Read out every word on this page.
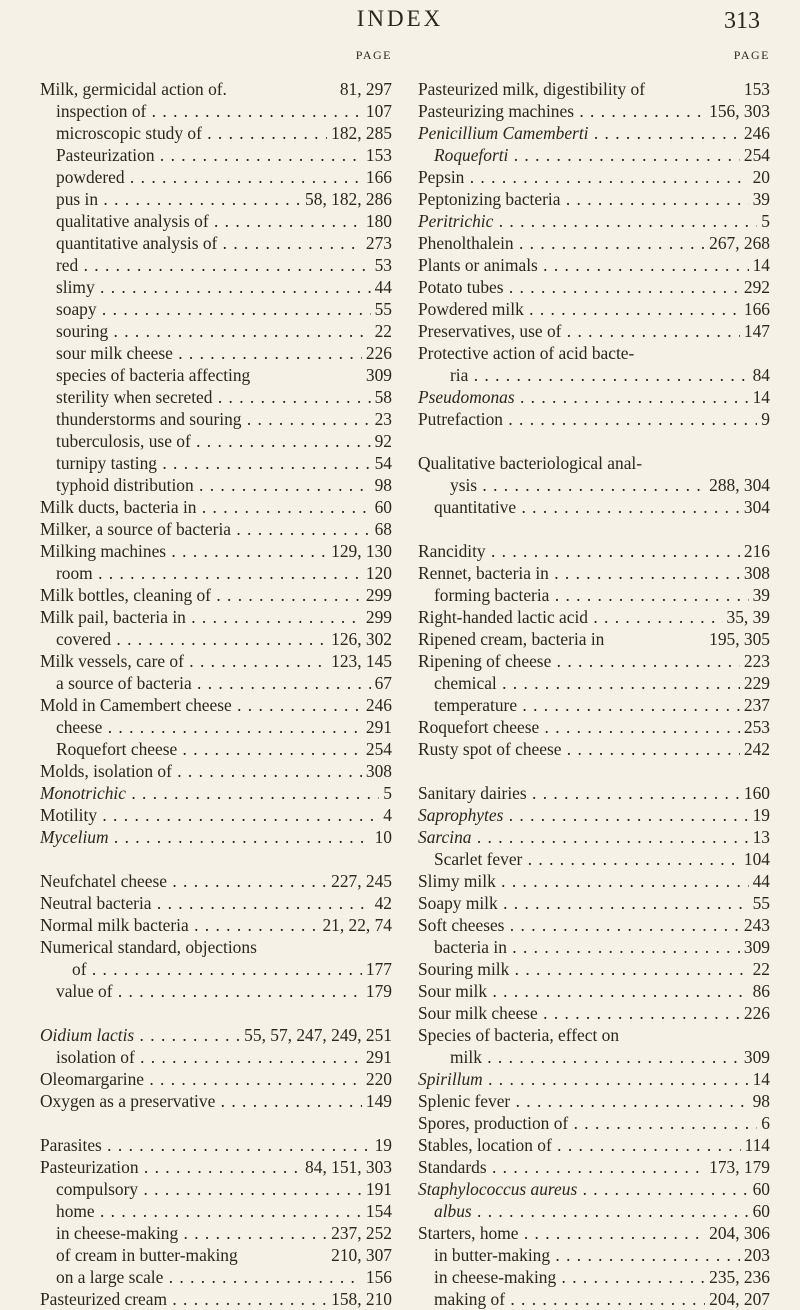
INDEX	313
PAGE
Milk, germicidal action of.	81, 297
inspection of . . .	107
microscopic study of . . .	182, 285
Pasteurization . . .	153
powdered . . .	166
pus in . . .	58, 182, 286
qualitative analysis of . . .	180
quantitative analysis of . . .	273
red . . .	53
slimy . . .	44
soapy . . .	55
souring . . .	22
sour milk cheese . . .	226
species of bacteria affecting	309
sterility when secreted . . .	58
thunderstorms and souring . . .	23
tuberculosis, use of . . .	92
turnipy tasting . . .	54
typhoid distribution . . .	98
Milk ducts, bacteria in . . .	60
Milker, a source of bacteria . . .	68
Milking machines . . .	129, 130
room . . .	120
Milk bottles, cleaning of . . .	299
Milk pail, bacteria in . . .	299
covered . . .	126, 302
Milk vessels, care of . . .	123, 145
a source of bacteria . . .	67
Mold in Camembert cheese . . .	246
cheese . . .	291
Roquefort cheese . . .	254
Molds, isolation of . . .	308
Monotrichic . . .	5
Motility . . .	4
Mycelium . . .	10
Neufchatel cheese . . .	227, 245
Neutral bacteria . . .	42
Normal milk bacteria . . .	21, 22, 74
Numerical standard, objections
of . . .	177
value of . . .	179
Oidium lactis . . .	55, 57, 247, 249, 251
isolation of . . .	291
Oleomargarine . . .	220
Oxygen as a preservative . . .	149
Parasites . . .	19
Pasteurization . . .	84, 151, 303
compulsory . . .	191
home . . .	154
in cheese-making . . .	237, 252
of cream in butter-making	210, 307
on a large scale . . .	156
Pasteurized cream . . .	158, 210
PAGE
Pasteurized milk, digestibility of	153
Pasteurizing machines . . .	156, 303
Penicillium Camemberti . . .	246
Roqueforti . . .	254
Pepsin . . .	20
Peptonizing bacteria . . .	39
Peritrichic . . .	5
Phenolthalein . . .	267, 268
Plants or animals . . .	14
Potato tubes . . .	292
Powdered milk . . .	166
Preservatives, use of . . .	147
Protective action of acid bacte-
ria . . .	84
Pseudomonas . . .	14
Putrefaction . . .	9
Qualitative bacteriological anal-
ysis . . .	288, 304
quantitative . . .	304
Rancidity . . .	216
Rennet, bacteria in . . .	308
forming bacteria . . .	39
Right-handed lactic acid . . .	35, 39
Ripened cream, bacteria in	195, 305
Ripening of cheese . . .	223
chemical . . .	229
temperature . . .	237
Roquefort cheese . . .	253
Rusty spot of cheese . . .	242
Sanitary dairies . . .	160
Saprophytes . . .	19
Sarcina . . .	13
Scarlet fever . . .	104
Slimy milk . . .	44
Soapy milk . . .	55
Soft cheeses . . .	243
bacteria in . . .	309
Souring milk . . .	22
Sour milk . . .	86
Sour milk cheese . . .	226
Species of bacteria, effect on
milk . . .	309
Spirillum . . .	14
Splenic fever . . .	98
Spores, production of . . .	6
Stables, location of . . .	114
Standards . . .	173, 179
Staphylococcus aureus . . .	60
albus . . .	60
Starters, home . . .	204, 306
in butter-making . . .	203
in cheese-making . . .	235, 236
making of . . .	204, 207
